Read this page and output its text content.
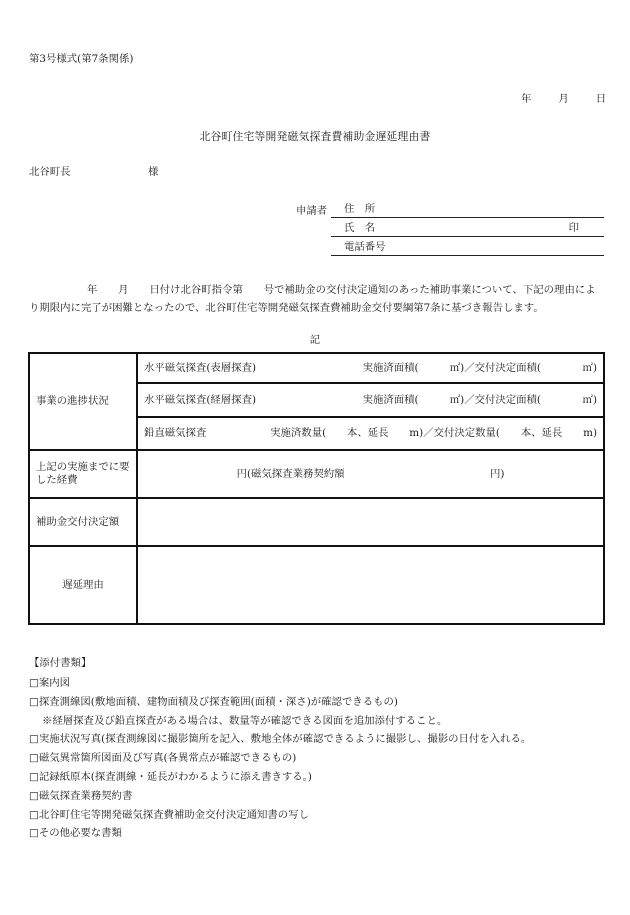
第3号様式(第7条関係)
年	月	日
北谷町住宅等開発磁気探査費補助金遅延理由書
北谷町長	様
申請者 住　所
氏　名	印
電話番号
年　　月　　日付け北谷町指令第　　号で補助金の交付決定通知のあった補助事業について、下記の理由により期限内に完了が困難となったので、北谷町住宅等開発磁気探査費補助金交付要綱第7条に基づき報告します。
記
事業の進捗状況	水平磁気探査(表層探査) 実施済面積(　　　㎡)／交付決定面積(　　　　㎡)

	水平磁気探査(経層探査) 実施済面積(　　　㎡)／交付決定面積(　　　　㎡)

	鉛直磁気探査 実施済数量(　　本、延長　　m)／交付決定数量(　　本、延長　　m)

上記の実施までに要した経費	円(磁気探査業務契約額　　　　　　　　　　　　　　円)
補助金交付決定額	
遅延理由	
【添付書類】
□案内図
□探査測線図(敷地面積、建物面積及び探査範囲(面積・深さ)が確認できるもの)
※経層探査及び鉛直探査がある場合は、数量等が確認できる図面を追加添付すること。
□実施状況写真(探査測線図に撮影箇所を記入、敷地全体が確認できるように撮影し、撮影の日付を入れる。
□磁気異常箇所図面及び写真(各異常点が確認できるもの)
□記録紙原本(探査測線・延長がわかるように添え書きする。)
□磁気探査業務契約書
□北谷町住宅等開発磁気探査費補助金交付決定通知書の写し
□その他必要な書類
